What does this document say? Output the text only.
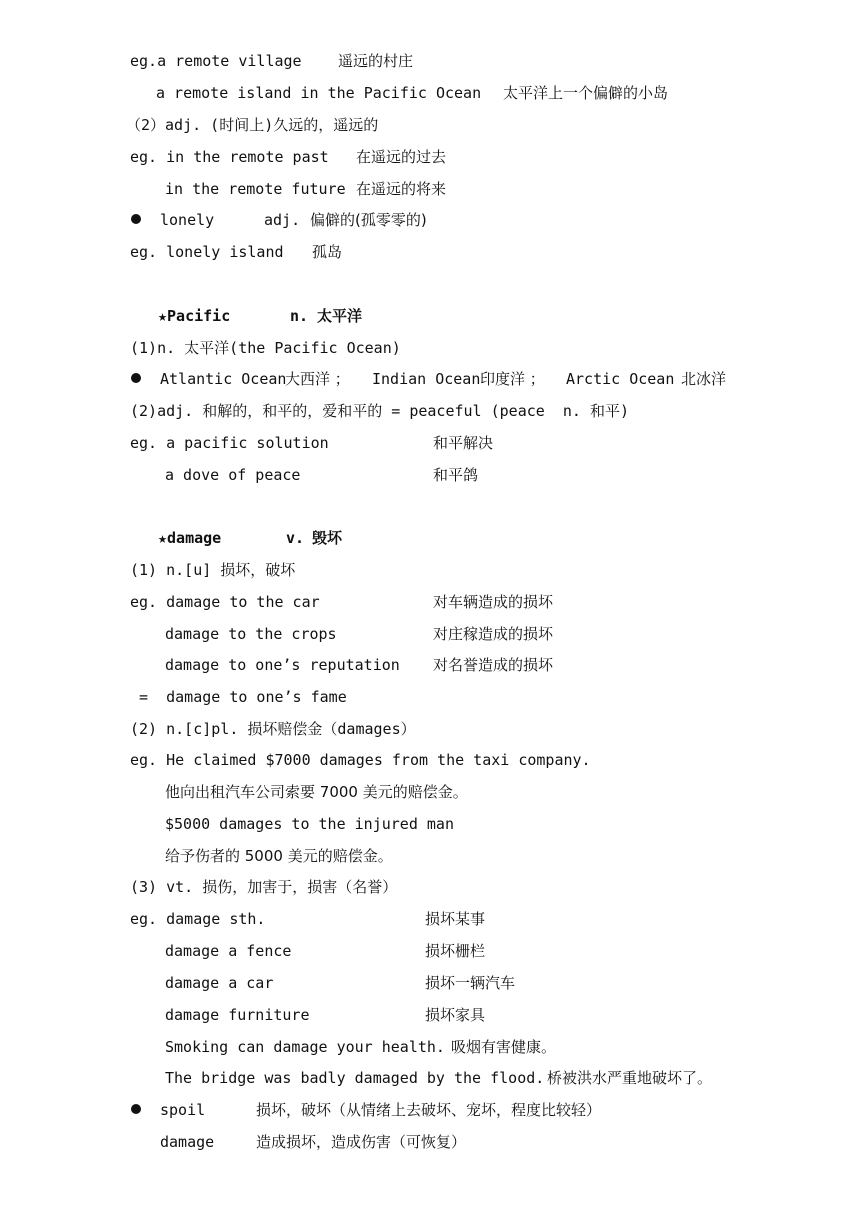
eg.a remote village 遥远的村庄
a remote island in the Pacific Ocean 太平洋上一个偏僻的小岛
（2）adj. (时间上)久远的，遥远的
eg. in the remote past 在遥远的过去
in the remote future 在遥远的将来
lonely	adj. 偏僻的(孤零零的)
eg. lonely island 孤岛
★Pacific	n. 太平洋
(1)n. 太平洋(the Pacific Ocean)
Atlantic Ocean
大西洋 ； Indian Ocean 印度洋 ； Arctic Ocean 北冰洋
(2)adj. 和解的，和平的，爱和平的 = peaceful (peace  n. 和平)
eg. a pacific solution	和平解决
a dove of peace	和平鸽
★damage	v. 毁坏
(1) n.[u] 损坏，破坏
eg. damage to the car	对车辆造成的损坏
damage to the crops	对庄稼造成的损坏
damage to one’s reputation 对名誉造成的损坏
=  damage to one’s fame
(2) n.[c]pl. 损坏赔偿金（damages）
eg. He claimed $7000 damages from the taxi company.
他向出租汽车公司索要 7000 美元的赔偿金。
$5000 damages to the injured man
给予伤者的 5000 美元的赔偿金。
(3) vt. 损伤，加害于，损害（名誉）
eg. damage sth.	损坏某事
damage a fence	损坏栅栏
damage a car	损坏一辆汽车
damage furniture	损坏家具
Smoking can damage your health. 吸烟有害健康。
The bridge was badly damaged by the flood. 桥被洪水严重地破坏了。
spoil	损坏，破坏（从情绪上去破坏、宠坏，程度比较轻）
damage	造成损坏，造成伤害（可恢复）
